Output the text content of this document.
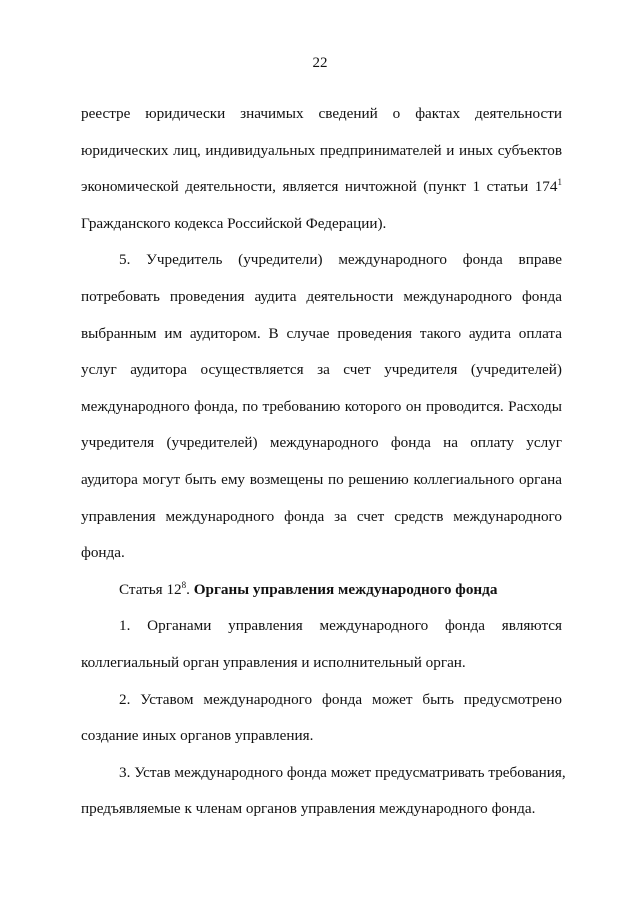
22
реестре юридически значимых сведений о фактах деятельности
юридических лиц, индивидуальных предпринимателей и иных субъектов
экономической деятельности, является ничтожной (пункт 1 статьи $174^1$
Гражданского кодекса Российской Федерации).
5. Учредитель (учредители) международного фонда вправе
потребовать проведения аудита деятельности международного фонда
выбранным им аудитором. В случае проведения такого аудита оплата
услуг аудитора осуществляется за счет учредителя (учредителей)
международного фонда, по требованию которого он проводится. Расходы
учредителя (учредителей) международного фонда на оплату услуг
аудитора могут быть ему возмещены по решению коллегиального органа
управления международного фонда за счет средств международного
фонда.
Статья $12^8$. Органы управления международного фонда
1. Органами управления международного фонда являются
коллегиальный орган управления и исполнительный орган.
2. Уставом международного фонда может быть предусмотрено
создание иных органов управления.
3. Устав международного фонда может предусматривать требования,
предъявляемые к членам органов управления международного фонда.
